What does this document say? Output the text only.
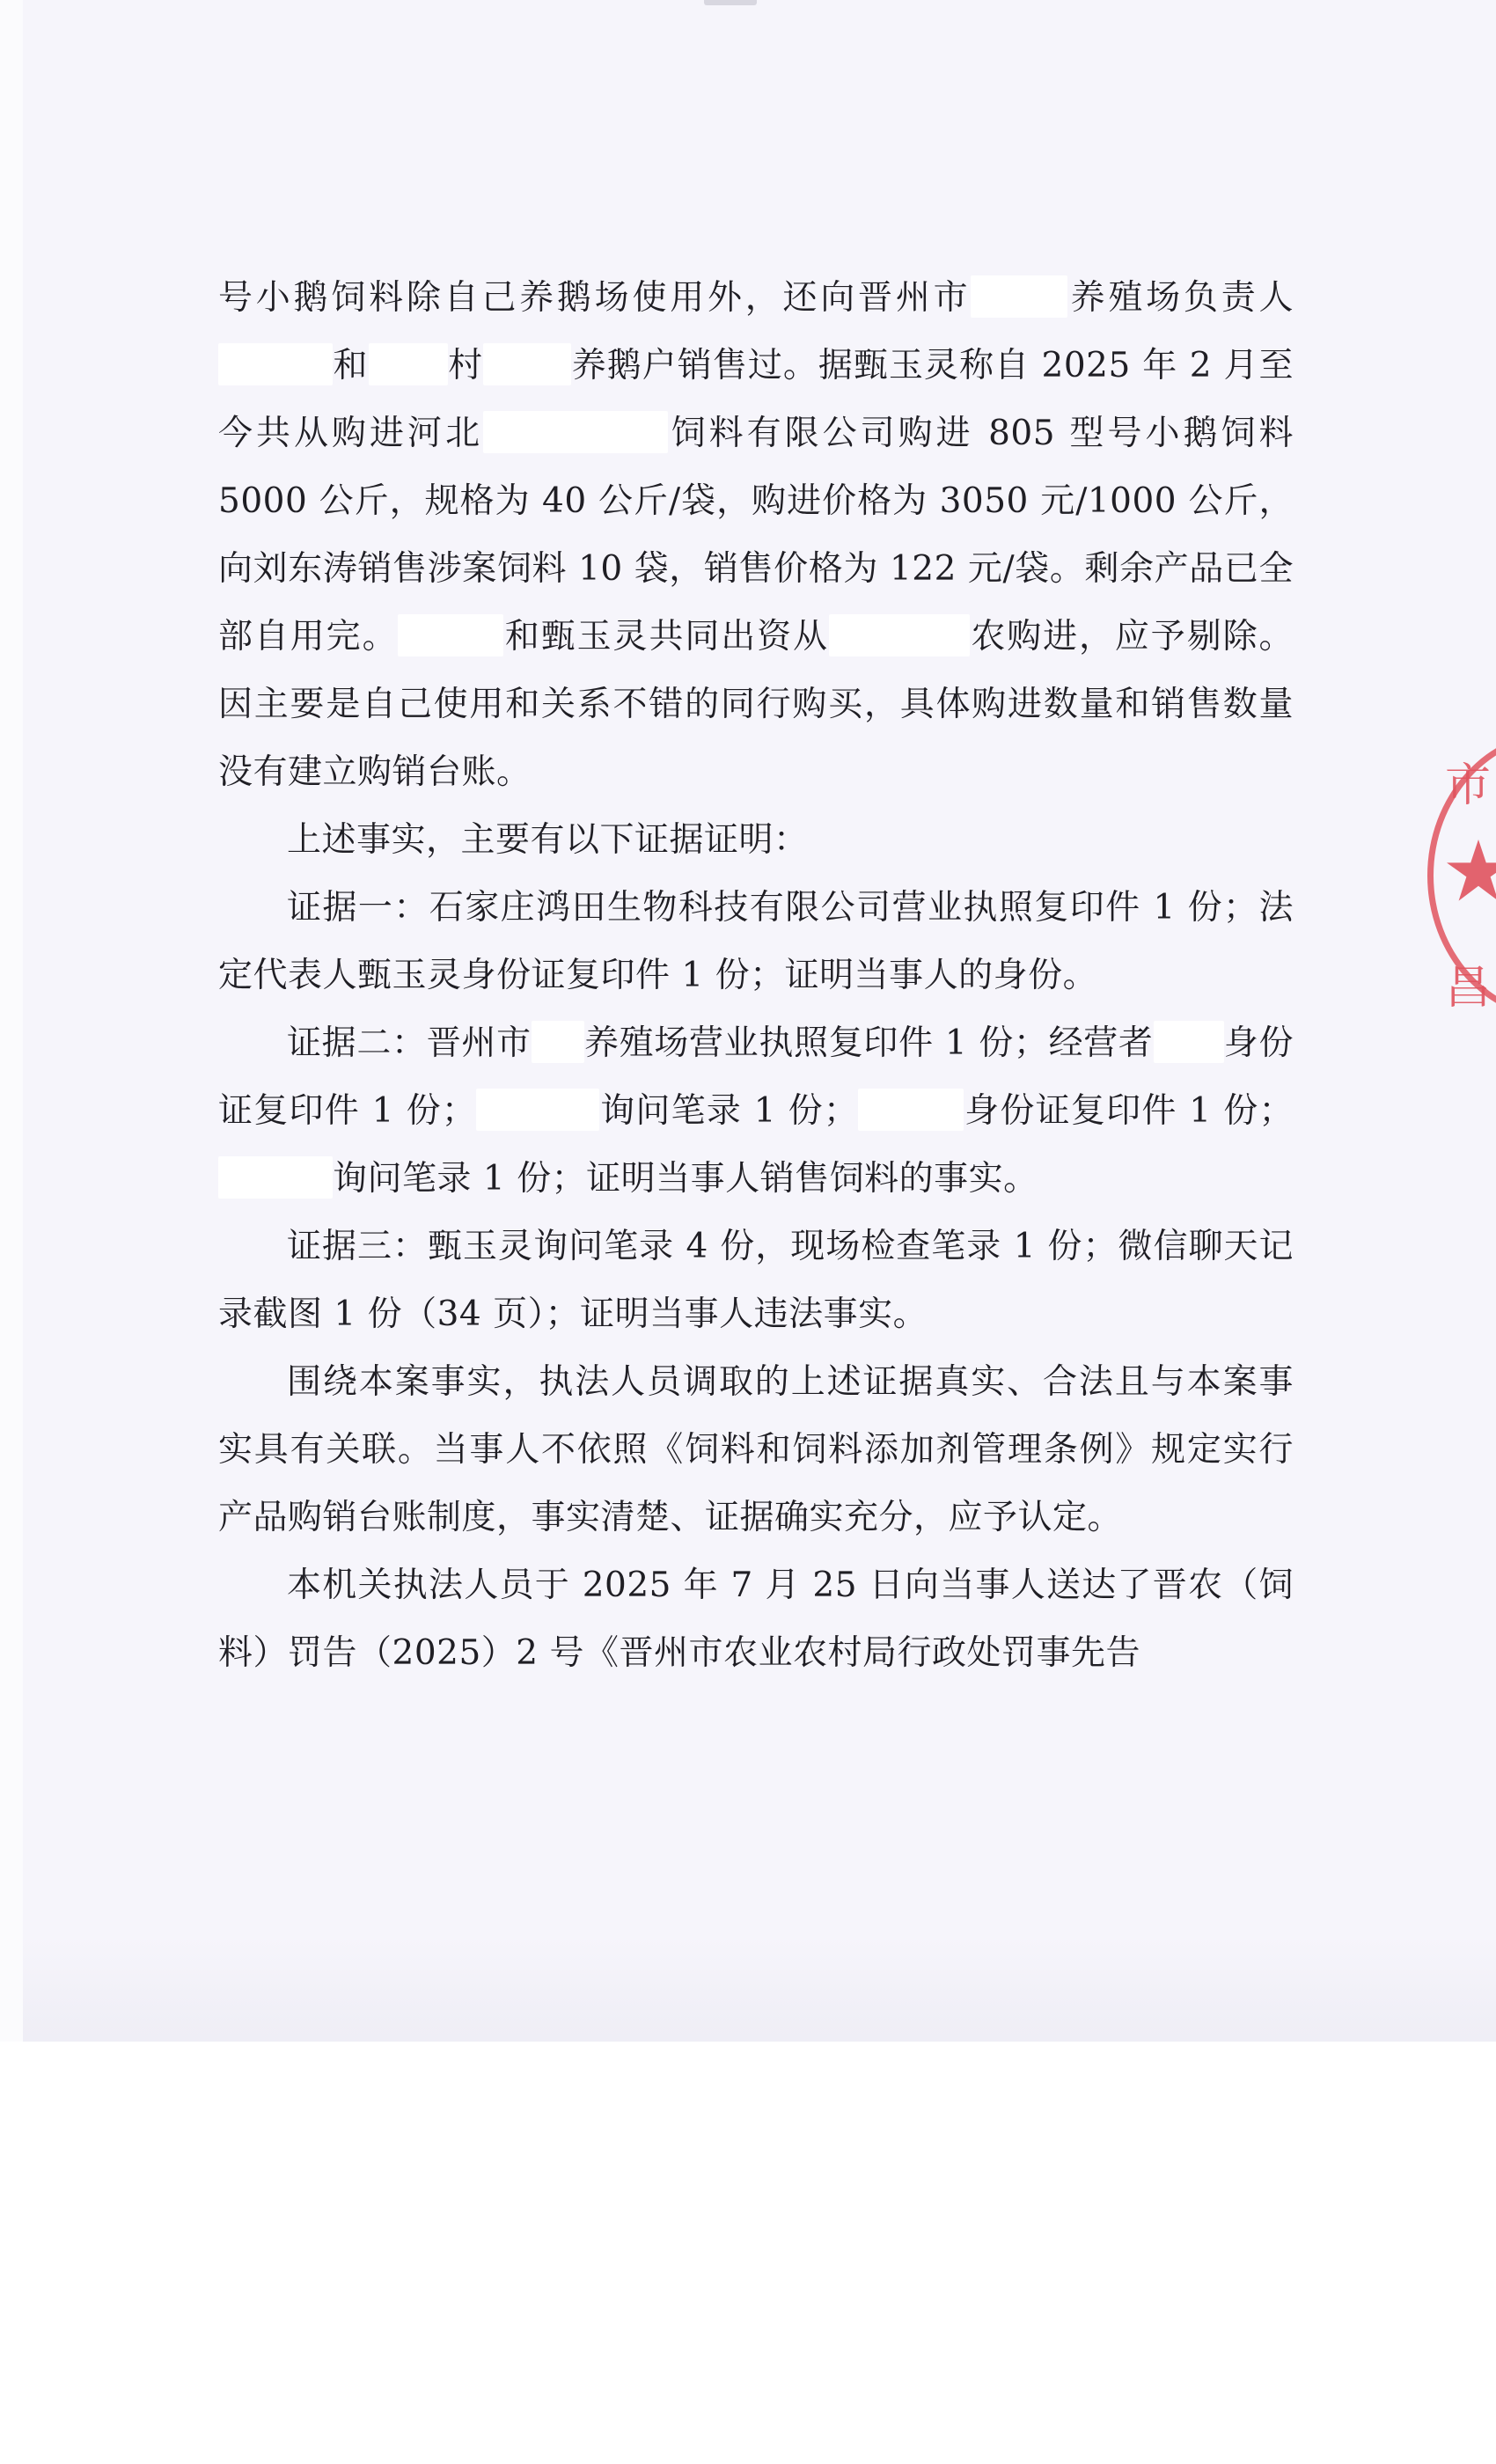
号小鹅饲料除自己养鹅场使用外，还向晋州市	养殖场负责人和 村	养鹅户销售过。据甄玉灵称自 2025 年 2 月至今共从购进河北	饲料有限公司购进 805 型号小鹅饲料 5000 公斤，规格为 40 公斤/袋，购进价格为 3050 元/1000 公斤，向刘东涛销售涉案饲料 10 袋，销售价格为 122 元/袋。剩余产品已全部自用完。	和甄玉灵共同出资从	农购进，应予剔除。因主要是自己使用和关系不错的同行购买，具体购进数量和销售数量没有建立购销台账。

上述事实，主要有以下证据证明：

证据一：石家庄鸿田生物科技有限公司营业执照复印件 1 份；法定代表人甄玉灵身份证复印件 1 份；证明当事人的身份。

证据二：晋州市 养殖场营业执照复印件 1 份；经营者 身份证复印件 1 份；	询问笔录 1 份；	身份证复印件 1 份；询问笔录 1 份；证明当事人销售饲料的事实。

证据三：甄玉灵询问笔录 4 份，现场检查笔录 1 份；微信聊天记录截图 1 份（34 页）；证明当事人违法事实。

围绕本案事实，执法人员调取的上述证据真实、合法且与本案事实具有关联。当事人不依照《饲料和饲料添加剂管理条例》规定实行产品购销台账制度，事实清楚、证据确实充分，应予认定。

本机关执法人员于 2025 年 7 月 25 日向当事人送达了晋农（饲料）罚告（2025）2 号《晋州市农业农村局行政处罚事先告

市
昌
